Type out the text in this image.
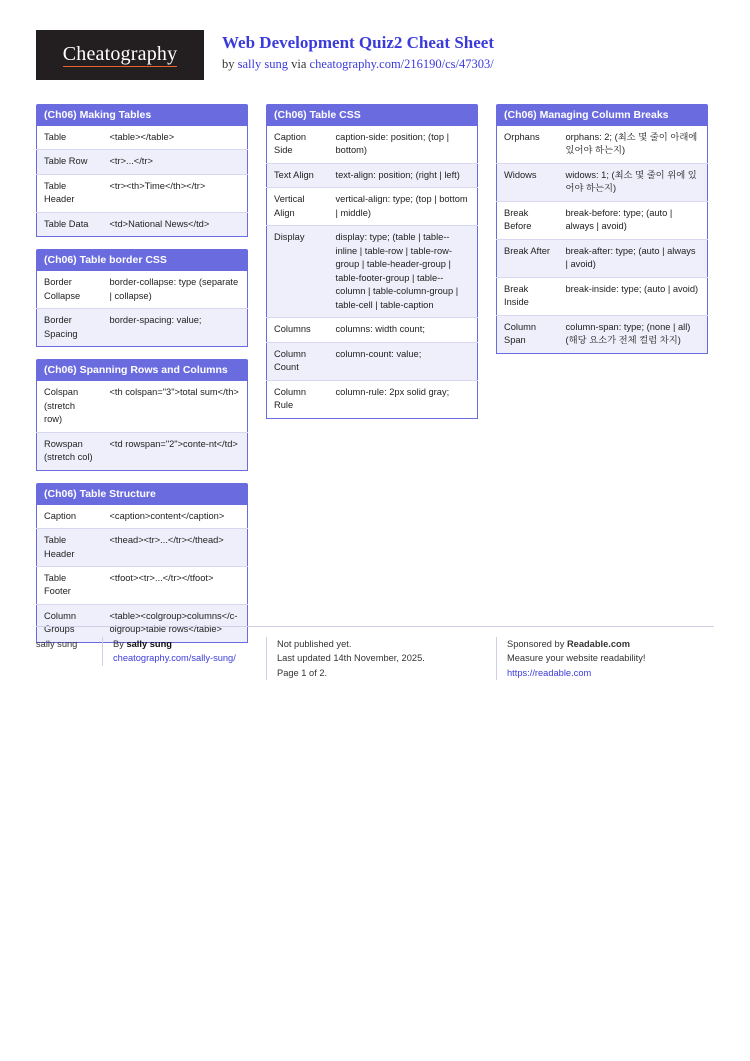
Cheatography
Web Development Quiz2 Cheat Sheet
by sally sung via cheatography.com/216190/cs/47303/
(Ch06) Making Tables
Table	<table></table>
Table Row	<tr>...</tr>
Table Header	<tr><th>Time</th></tr>
Table Data	<td>National News</td>
(Ch06) Table border CSS
Border Collapse	border-collapse: type (separate | collapse)
Border Spacing	border-spacing: value;
(Ch06) Spanning Rows and Columns
Colspan (stretch row)	<th colspan="3">total sum</th>
Rowspan (stretch col)	<td rowspan="2">conte-nt</td>
(Ch06) Table Structure
Caption	<caption>content</caption>
Table Header	<thead><tr>...</tr></thead>
Table Footer	<tfoot><tr>...</tr></tfoot>
Column Groups	<table><colgroup>columns</c-olgroup>table rows</table>
(Ch06) Table CSS
Caption Side	caption-side: position; (top | bottom)
Text Align	text-align: position; (right | left)
Vertical Align	vertical-align: type; (top | bottom | middle)
Display	display: type; (table | table--inline | table-row | table-row-group | table-header-group | table-footer-group | table--column | table-column-group | table-cell | table-caption
Columns	columns: width count;
Column Count	column-count: value;
Column Rule	column-rule: 2px solid gray;
(Ch06) Managing Column Breaks
Orphans	orphans: 2; (최소 몇 줄이 아래에 있어야 하는지)
Widows	widows: 1; (최소 몇 줄이 위에 있어야 하는지)
Break Before	break-before: type; (auto | always | avoid)
Break After	break-after: type; (auto | always | avoid)
Break Inside	break-inside: type; (auto | avoid)
Column Span	column-span: type; (none | all) (해당 요소가 전체 컬럼 차지)
sally sung	By sally sung
cheatography.com/sally-sung/
Not published yet.
Last updated 14th November, 2025.
Page 1 of 2.
Sponsored by Readable.com
Measure your website readability!
https://readable.com
